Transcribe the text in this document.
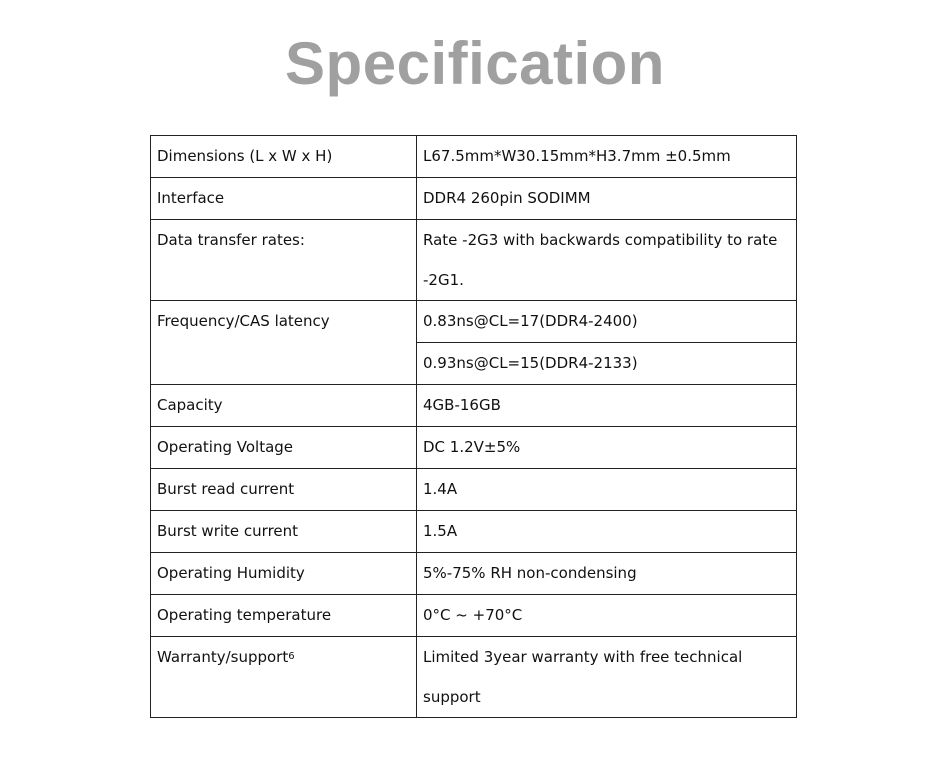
Specification
Dimensions (L x W x H)	L67.5mm*W30.15mm*H3.7mm ±0.5mm
Interface	DDR4 260pin SODIMM
Data transfer rates:	Rate -2G3 with backwards compatibility to rate -2G1.
Frequency/CAS latency	0.83ns@CL=17(DDR4-2400)
	0.93ns@CL=15(DDR4-2133)
Capacity	4GB-16GB
Operating Voltage	DC 1.2V±5%
Burst read current	1.4A
Burst write current	1.5A
Operating Humidity	5%-75% RH non-condensing
Operating temperature	0°C ~ +70°C
Warranty/support$^6$	Limited 3year warranty with free technical support
